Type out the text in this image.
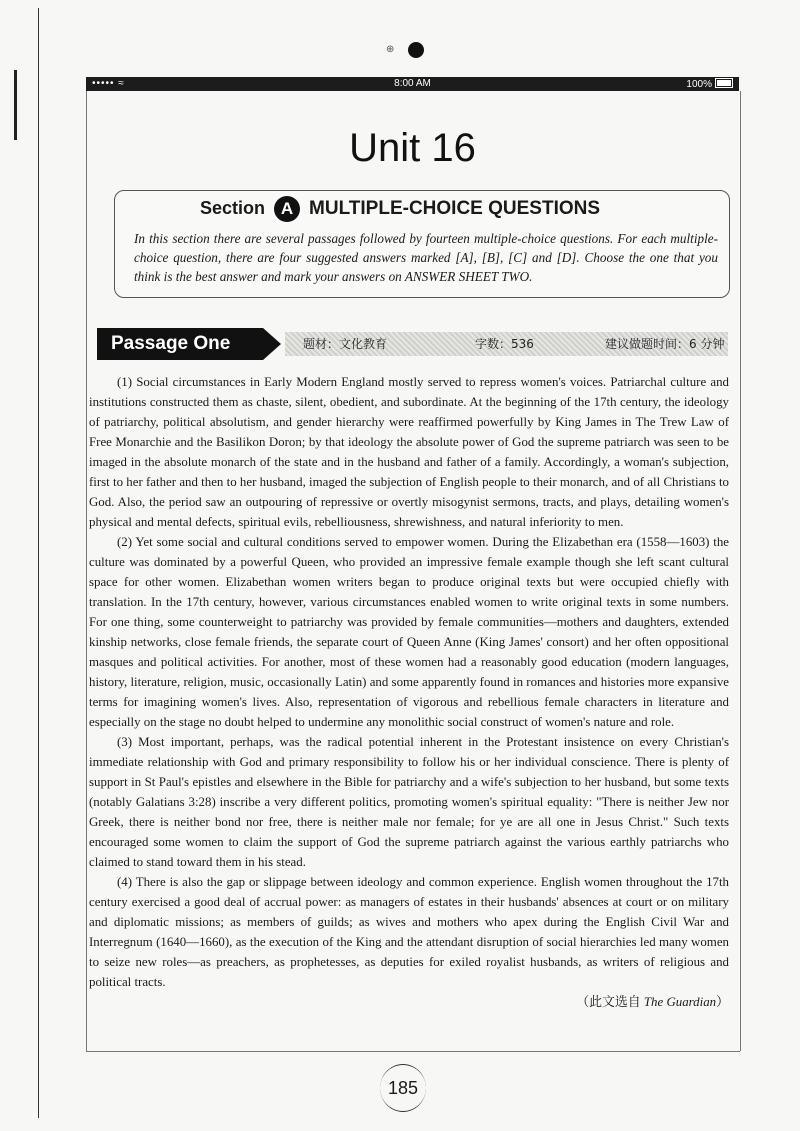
⊕
••••• ≈	8:00 AM	100%
Unit 16
Section A MULTIPLE-CHOICE QUESTIONS
In this section there are several passages followed by fourteen multiple-choice questions. For each multiple-choice question, there are four suggested answers marked [A], [B], [C] and [D]. Choose the one that you think is the best answer and mark your answers on ANSWER SHEET TWO.
Passage One	题材：文化教育	字数：536	建议做题时间：6 分钟

(1) Social circumstances in Early Modern England mostly served to repress women's voices. Patriarchal culture and institutions constructed them as chaste, silent, obedient, and subordinate. At the beginning of the 17th century, the ideology of patriarchy, political absolutism, and gender hierarchy were reaffirmed powerfully by King James in The Trew Law of Free Monarchie and the Basilikon Doron; by that ideology the absolute power of God the supreme patriarch was seen to be imaged in the absolute monarch of the state and in the husband and father of a family. Accordingly, a woman's subjection, first to her father and then to her husband, imaged the subjection of English people to their monarch, and of all Christians to God. Also, the period saw an outpouring of repressive or overtly misogynist sermons, tracts, and plays, detailing women's physical and mental defects, spiritual evils, rebelliousness, shrewishness, and natural inferiority to men.

(2) Yet some social and cultural conditions served to empower women. During the Elizabethan era (1558—1603) the culture was dominated by a powerful Queen, who provided an impressive female example though she left scant cultural space for other women. Elizabethan women writers began to produce original texts but were occupied chiefly with translation. In the 17th century, however, various circumstances enabled women to write original texts in some numbers. For one thing, some counterweight to patriarchy was provided by female communities—mothers and daughters, extended kinship networks, close female friends, the separate court of Queen Anne (King James' consort) and her often oppositional masques and political activities. For another, most of these women had a reasonably good education (modern languages, history, literature, religion, music, occasionally Latin) and some apparently found in romances and histories more expansive terms for imagining women's lives. Also, representation of vigorous and rebellious female characters in literature and especially on the stage no doubt helped to undermine any monolithic social construct of women's nature and role.

(3) Most important, perhaps, was the radical potential inherent in the Protestant insistence on every Christian's immediate relationship with God and primary responsibility to follow his or her individual conscience. There is plenty of support in St Paul's epistles and elsewhere in the Bible for patriarchy and a wife's subjection to her husband, but some texts (notably Galatians 3:28) inscribe a very different politics, promoting women's spiritual equality: "There is neither Jew nor Greek, there is neither bond nor free, there is neither male nor female; for ye are all one in Jesus Christ." Such texts encouraged some women to claim the support of God the supreme patriarch against the various earthly patriarchs who claimed to stand toward them in his stead.

(4) There is also the gap or slippage between ideology and common experience. English women throughout the 17th century exercised a good deal of accrual power: as managers of estates in their husbands' absences at court or on military and diplomatic missions; as members of guilds; as wives and mothers who apex during the English Civil War and Interregnum (1640—1660), as the execution of the King and the attendant disruption of social hierarchies led many women to seize new roles—as preachers, as prophetesses, as deputies for exiled royalist husbands, as writers of religious and political tracts.

（此文选自 The Guardian）
185
